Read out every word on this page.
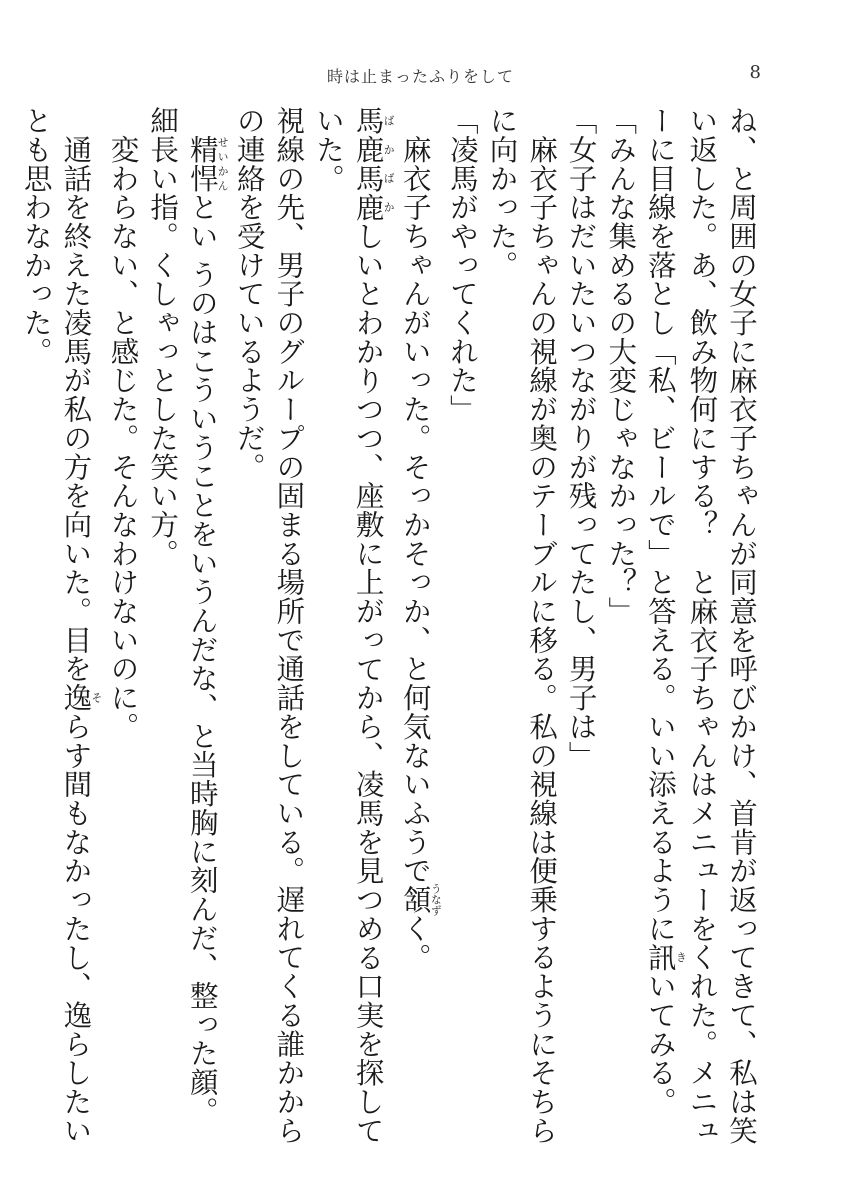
時は止まったふりをして	8

ね、と周囲の女子に麻衣子ちゃんが同意を呼びかけ、首肯が返ってきて、私は笑い返した。あ、飲み物何にする？　と麻衣子ちゃんはメニューをくれた。メニューに目線を落とし「私、ビールで」と答える。いい添えるように訊きいてみる。

「みんな集めるの大変じゃなかった？」

「女子はだいたいつながりが残ってたし、男子は」

　麻衣子ちゃんの視線が奥のテーブルに移る。私の視線は便乗するようにそちらに向かった。

「凌馬がやってくれた」

　麻衣子ちゃんがいった。そっかそっか、と何気ないふうで頷うなずく。

馬ば鹿か馬ば鹿かしいとわかりつつ、座敷に上がってから、凌馬を見つめる口実を探していた。

視線の先、男子のグループの固まる場所で通話をしている。遅れてくる誰かからの連絡を受けているようだ。

　精悍せいかんとい うのはこういうことをいうんだな、と当時胸に刻んだ、整った顔。細長い指。くしゃっとした笑い方。

　変わらない、と感じた。そんなわけないのに。

　通話を終えた凌馬が私の方を向いた。目を逸そらす間もなかったし、逸らしたいとも思わなかった。
